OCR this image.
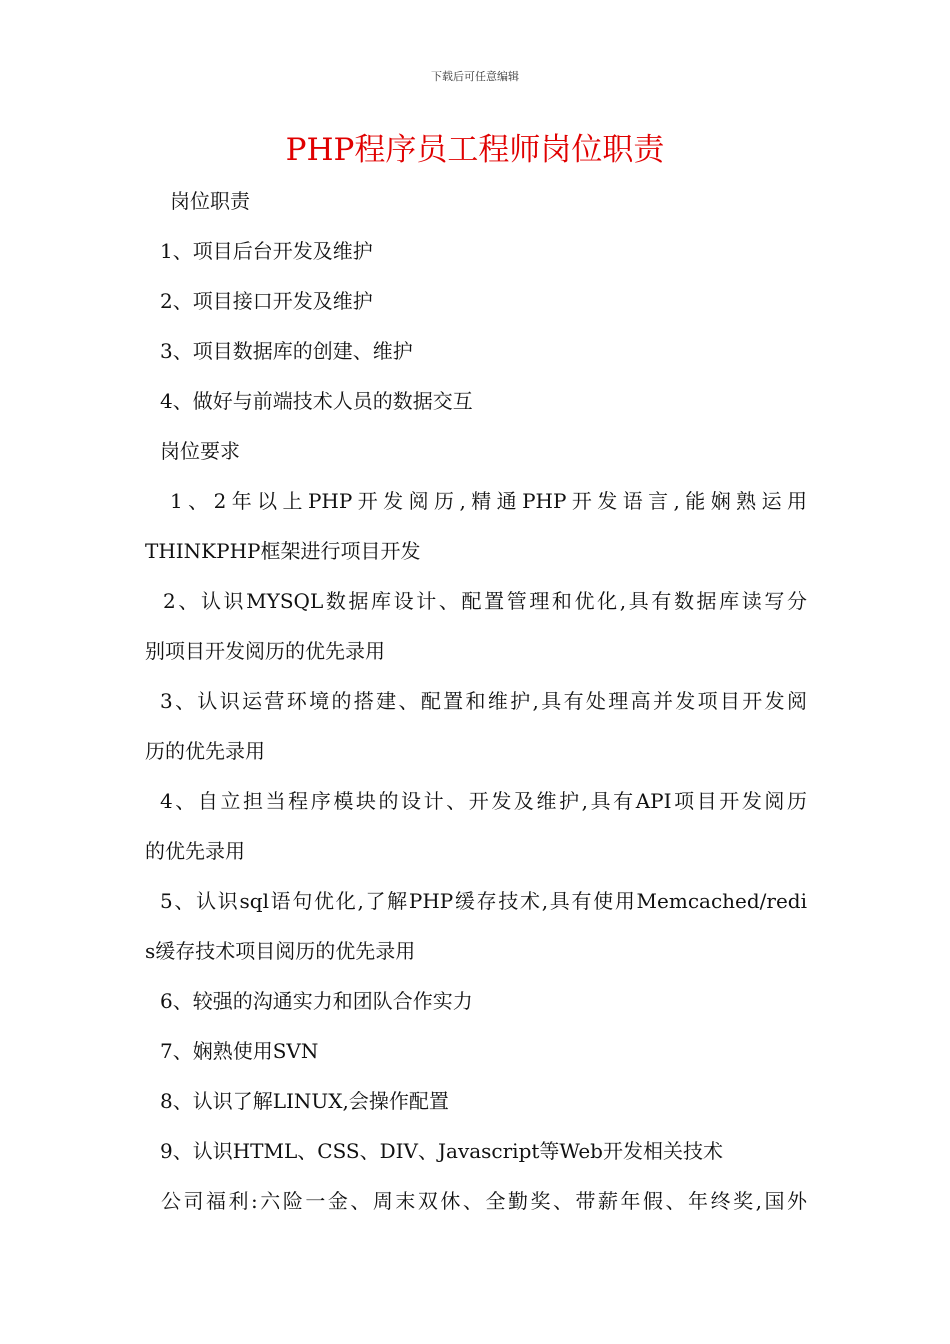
下载后可任意编辑
PHP程序员工程师岗位职责
岗位职责
1、项目后台开发及维护
2、项目接口开发及维护
3、项目数据库的创建、维护
4、做好与前端技术人员的数据交互
岗位要求
1、2年以上PHP开发阅历,精通PHP开发语言,能娴熟运用
THINKPHP框架进行项目开发
2、认识MYSQL数据库设计、配置管理和优化,具有数据库读写分
别项目开发阅历的优先录用
3、认识运营环境的搭建、配置和维护,具有处理高并发项目开发阅
历的优先录用
4、自立担当程序模块的设计、开发及维护,具有API项目开发阅历
的优先录用
5、认识sql语句优化,了解PHP缓存技术,具有使用Memcached/redi
s缓存技术项目阅历的优先录用
6、较强的沟通实力和团队合作实力
7、娴熟使用SVN
8、认识了解LINUX,会操作配置
9、认识HTML、CSS、DIV、Javascript等Web开发相关技术
公司福利:六险一金、周末双休、全勤奖、带薪年假、年终奖,国外
